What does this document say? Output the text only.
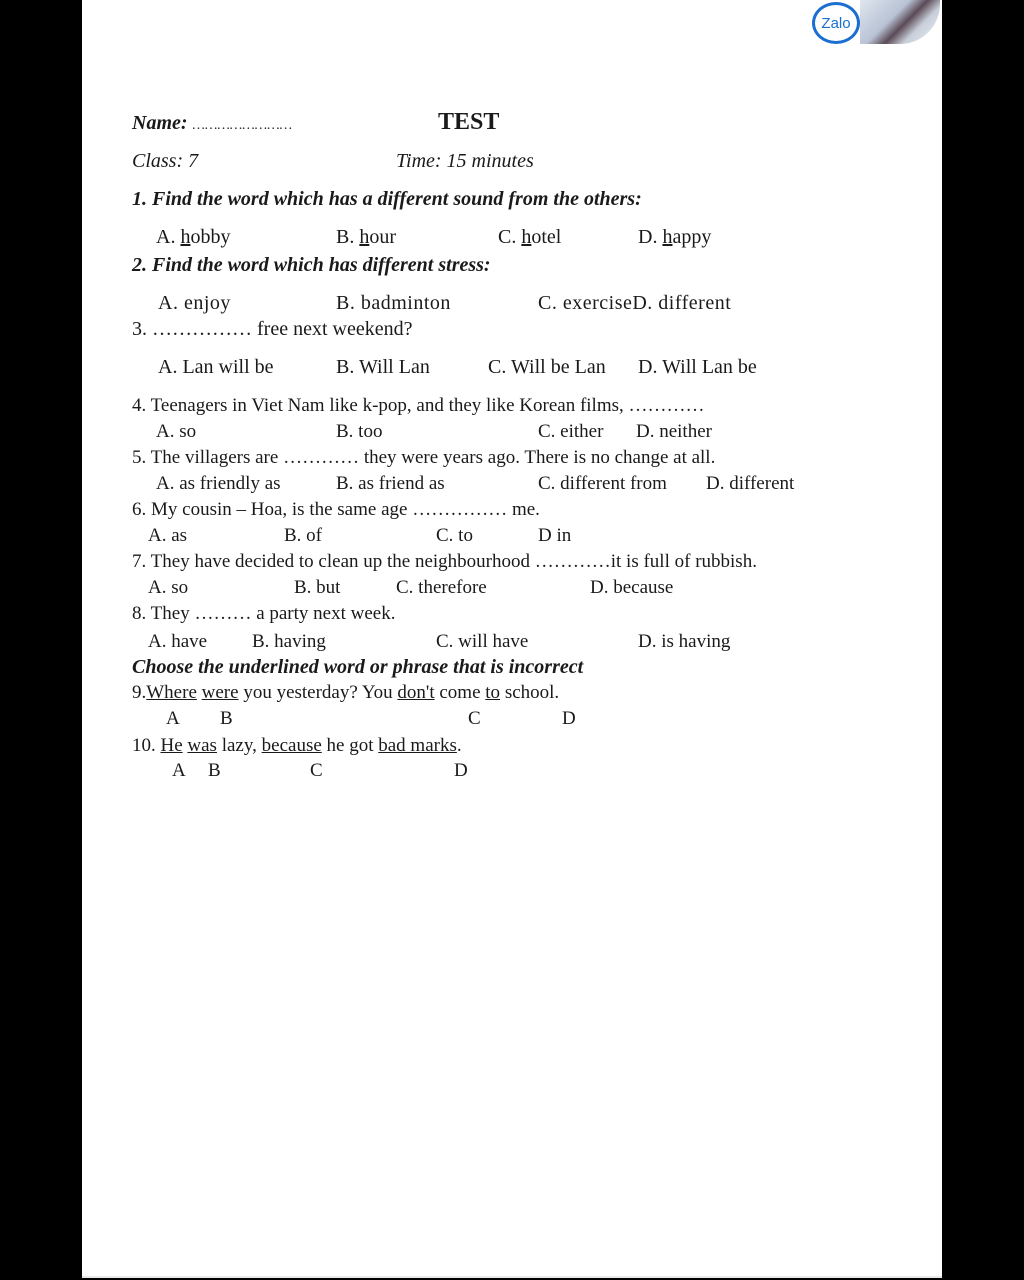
Zalo
Name: ……………………	TEST
Class: 7	Time: 15 minutes
1. Find the word which has a different sound from the others:
A. hobby	B. hour	C. hotel	D. happy
2. Find the word which has different stress:
A. enjoy	B. badminton	C. exerciseD. different
3. …………… free next weekend?
A. Lan will be	B. Will Lan	C. Will be Lan D. Will Lan be
4. Teenagers in Viet Nam like k-pop, and they like Korean films, …………
A. so	B. too	C. either D. neither
5. The villagers are ………… they were years ago. There is no change at all.
A. as friendly as	B. as friend as	C. different from D. different
6. My cousin – Hoa, is the same age …………… me.
A. as	B. of	C. to	D in
7. They have decided to clean up the neighbourhood …………it is full of rubbish.
A. so	B. but	C. therefore	D. because
8. They ……… a party next week.
A. have B. having	C. will have	D. is having
Choose the underlined word or phrase that is incorrect
9.Where were you yesterday? You don't come to school.
A B	C	D
10. He was lazy, because he got bad marks.
A B	C	D
